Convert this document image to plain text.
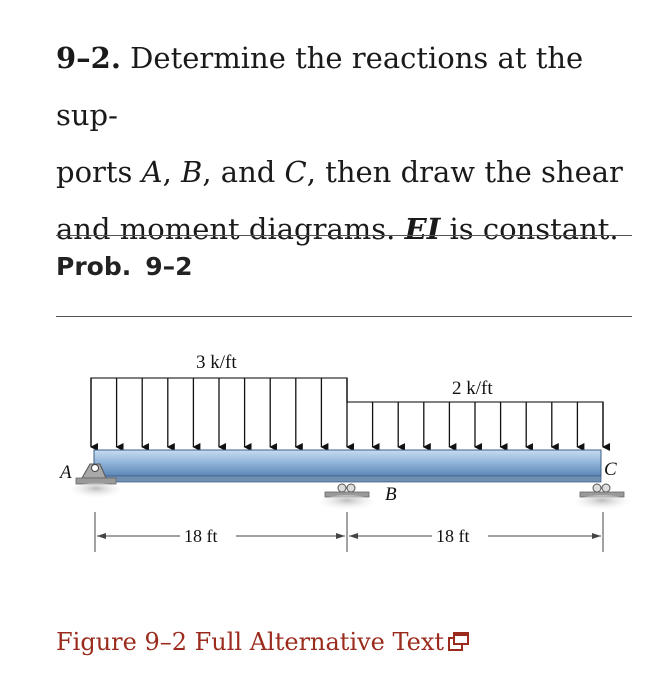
9–2. Determine the reactions at the sup-
ports A, B, and C, then draw the shear
and moment diagrams. EI is constant.
Prob. 9–2
3 k/ft
2 k/ft
A
B
C
18 ft	18 ft
Figure 9–2 Full Alternative Text
